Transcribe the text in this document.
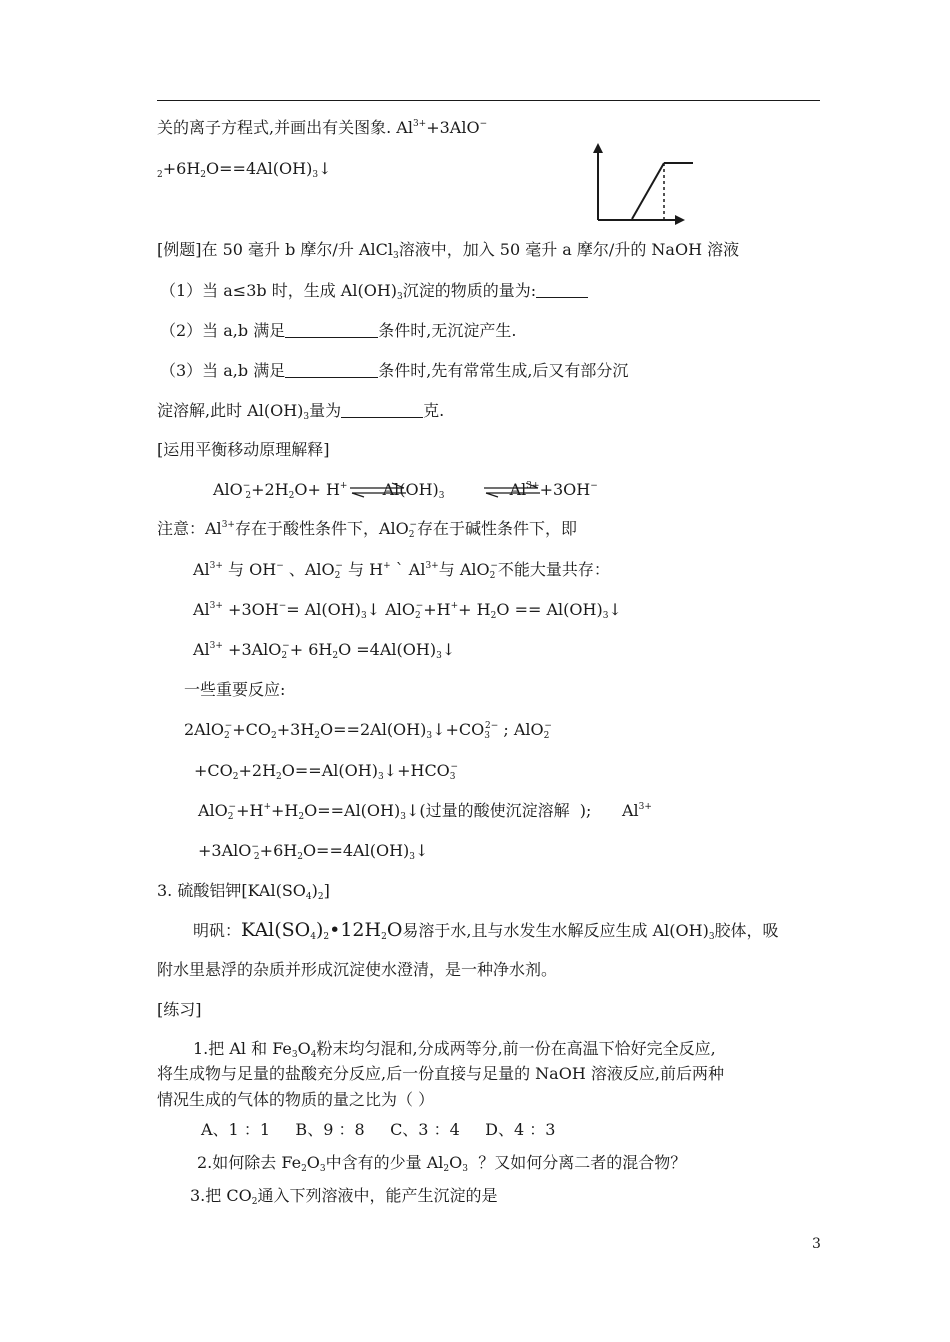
关的离子方程式,并画出有关图象. $Al^{3+}+3AlO^-$
$_2+6H_2O==4Al(OH)_3↓$
[例题]在 50 毫升 b 摩尔/升 AlCl$_3$溶液中，加入 50 毫升 a 摩尔/升的 NaOH 溶液
（1）当 a≤3b 时，生成 $Al(OH)_3$沉淀的物质的量为:
（2）当 a,b 满足	条件时,无沉淀产生.
（3）当 a,b 满足	条件时,先有常常生成,后又有部分沉
淀溶解,此时 $Al(OH)_3$量为	克.
[运用平衡移动原理解释]
$AlO^-_2+2H_2O+ H^+$ $Al(OH)_3$	$Al^{3+}+3OH^-$
注意：$Al^{3+}$存在于酸性条件下，AlO$_2$−存在于碱性条件下，即
$Al^{3+}$ 与 OH− 、AlO$_2$− 与 H+ ` $Al^{3+}$与 AlO$_2$−不能大量共存：
$Al^{3+} +3OH^-=$ $Al(OH)_3↓$ $AlO_2^-+H^++ H_2O$ == $Al(OH)_3↓$
$Al^{3+} +3AlO_2^-+ 6H_2O$ $=4Al(OH)_3↓$
一些重要反应:
$2AlO_2^-+CO_2+3H_2O==2Al(OH)_3↓+CO_3^{2-}$ ; AlO$_2$−
$+CO_2+2H_2O==Al(OH)_3↓+HCO_3^-$
$AlO_2^-+H^++H_2O==Al(OH)_3↓$(过量的酸使沉淀溶解  );      $Al^{3+}$
$+3AlO^-_2+6H_2O==4Al(OH)_3↓$
3. 硫酸铝钾$[KAl(SO_4)_2]$
明矾：$KAl(SO_4)_2•12H_2O$易溶于水,且与水发生水解反应生成 $Al(OH)_3$胶体，吸
附水里悬浮的杂质并形成沉淀使水澄清，是一种净水剂。
[练习]
1.把 Al 和 $Fe_3O_4$粉末均匀混和,分成两等分,前一份在高温下恰好完全反应,
将生成物与足量的盐酸充分反应,后一份直接与足量的 NaOH 溶液反应,前后两种
情况生成的气体的物质的量之比为（ ）
A、1 ：1     B、9 ：8     C、3 ：4     D、4 ：3
2.如何除去 $Fe_2O_3$中含有的少量 $Al_2O_3$  ？又如何分离二者的混合物？
3.把 $CO_2$通入下列溶液中，能产生沉淀的是
3
